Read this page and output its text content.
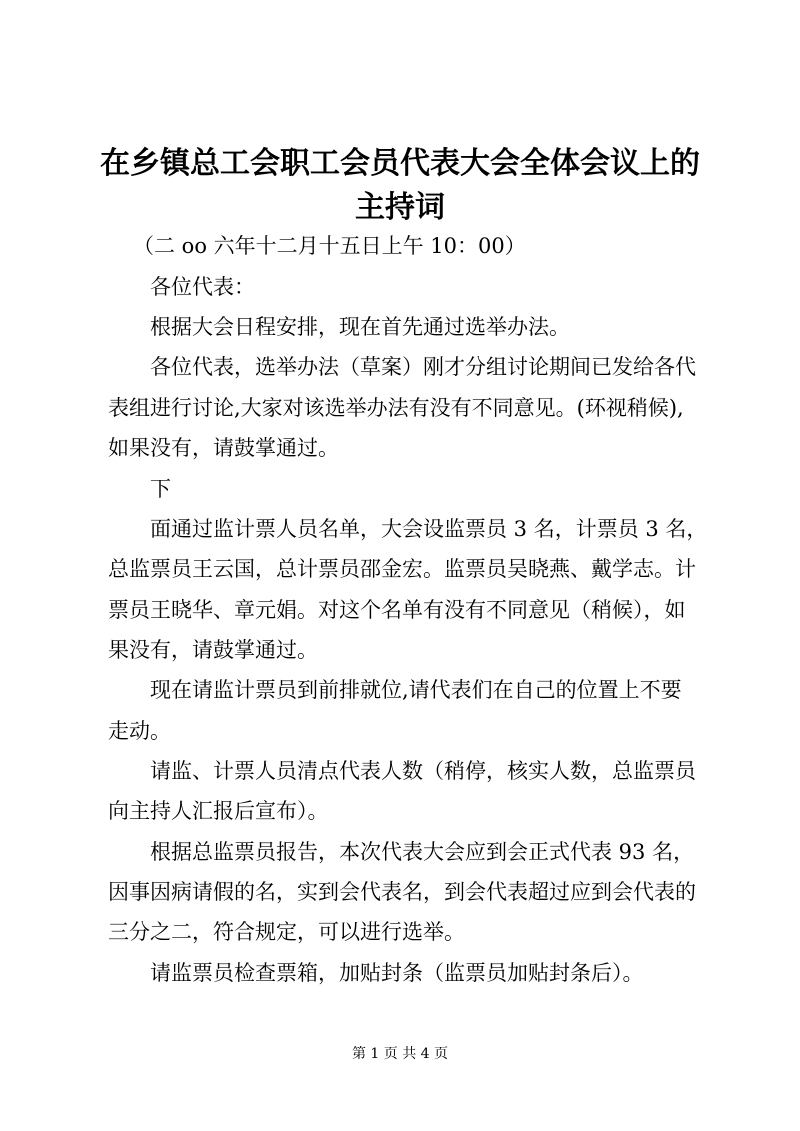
在乡镇总工会职工会员代表大会全体会议上的
主持词
（二 oo 六年十二月十五日上午 10：00）
各位代表：
根据大会日程安排，现在首先通过选举办法。
各位代表，选举办法（草案）刚才分组讨论期间已发给各代
表组进行讨论,大家对该选举办法有没有不同意见。(环视稍候),
如果没有，请鼓掌通过。
下
面通过监计票人员名单，大会设监票员 3 名，计票员 3 名，
总监票员王云国，总计票员邵金宏。监票员吴晓燕、戴学志。计
票员王晓华、章元娟。对这个名单有没有不同意见（稍候），如
果没有，请鼓掌通过。
现在请监计票员到前排就位,请代表们在自己的位置上不要
走动。
请监、计票人员清点代表人数（稍停，核实人数，总监票员
向主持人汇报后宣布）。
根据总监票员报告，本次代表大会应到会正式代表 93 名，
因事因病请假的名，实到会代表名，到会代表超过应到会代表的
三分之二，符合规定，可以进行选举。
请监票员检查票箱，加贴封条（监票员加贴封条后）。
第 1 页 共 4 页
